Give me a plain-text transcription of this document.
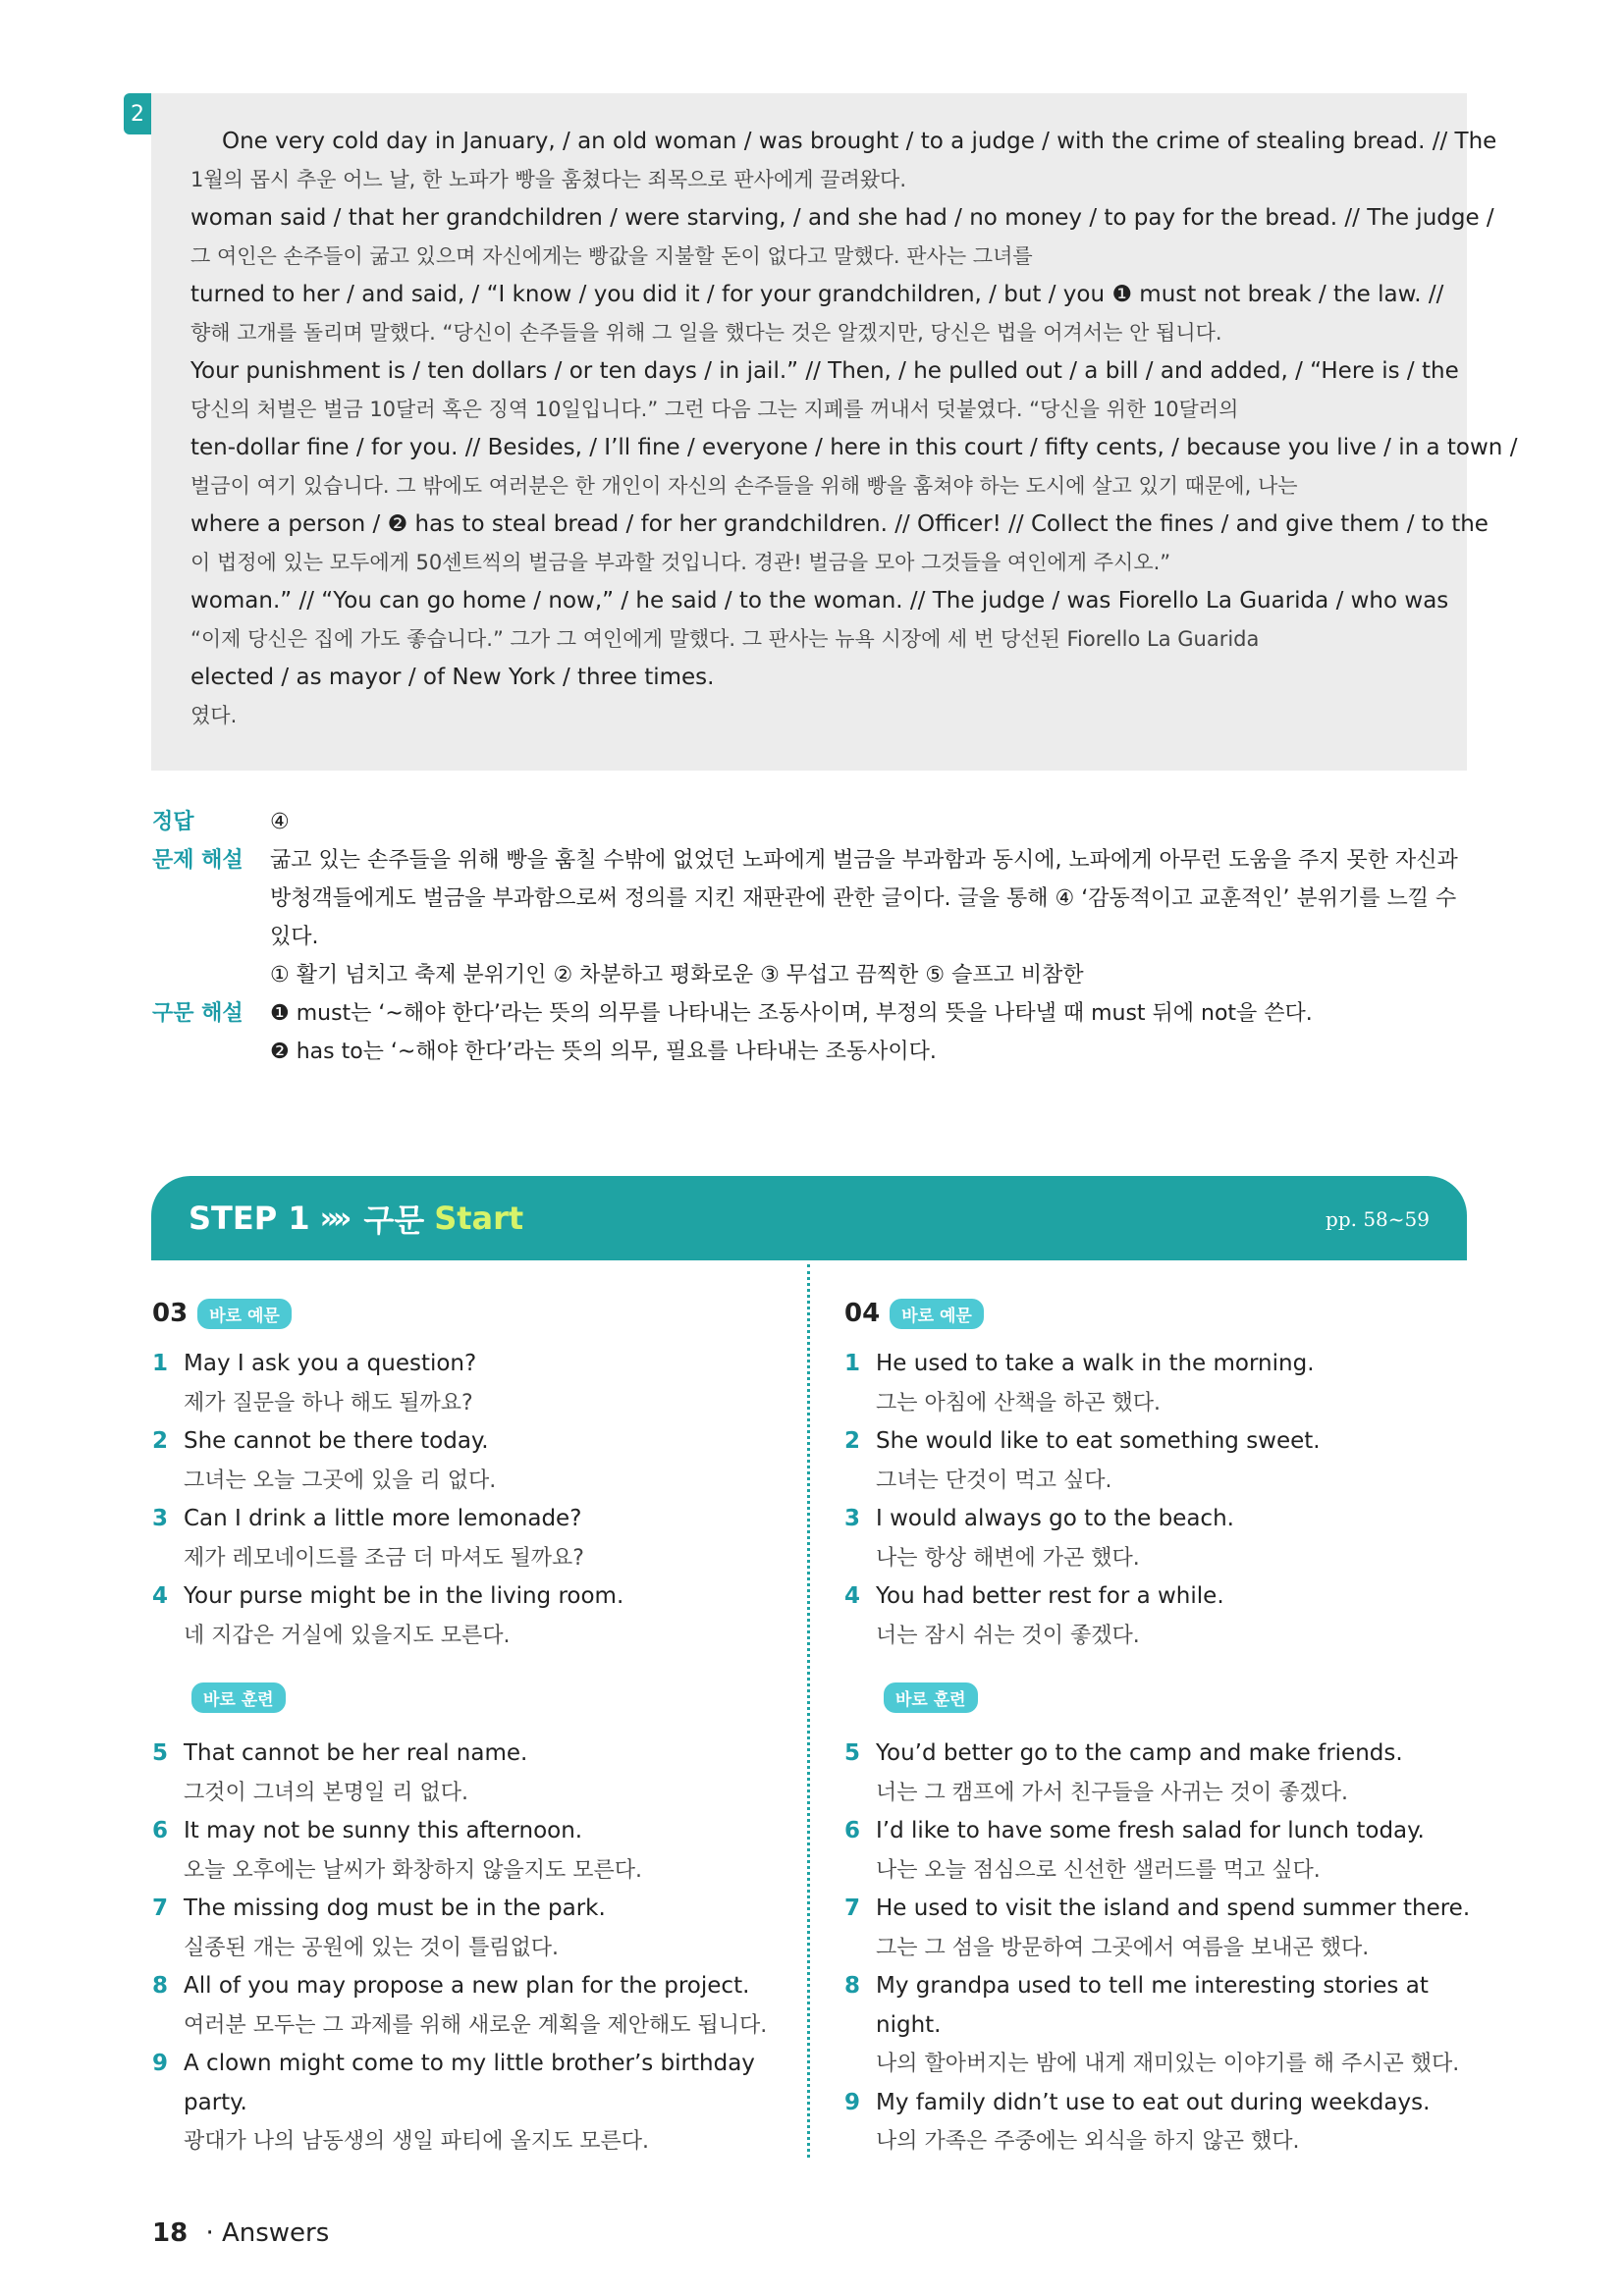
2
One very cold day in January, / an old woman / was brought / to a judge / with the crime of stealing bread. // The
1월의 몹시 추운 어느 날, 한 노파가 빵을 훔쳤다는 죄목으로 판사에게 끌려왔다.
woman said / that her grandchildren / were starving, / and she had / no money / to pay for the bread. // The judge /
그 여인은 손주들이 굶고 있으며 자신에게는 빵값을 지불할 돈이 없다고 말했다. 판사는 그녀를
turned to her / and said, / “I know / you did it / for your grandchildren, / but / you ❶ must not break / the law. //
향해 고개를 돌리며 말했다. “당신이 손주들을 위해 그 일을 했다는 것은 알겠지만, 당신은 법을 어겨서는 안 됩니다.
Your punishment is / ten dollars / or ten days / in jail.” // Then, / he pulled out / a bill / and added, / “Here is / the
당신의 처벌은 벌금 10달러 혹은 징역 10일입니다.” 그런 다음 그는 지폐를 꺼내서 덧붙였다. “당신을 위한 10달러의
ten-dollar fine / for you. // Besides, / I’ll fine / everyone / here in this court / fifty cents, / because you live / in a town /
벌금이 여기 있습니다. 그 밖에도 여러분은 한 개인이 자신의 손주들을 위해 빵을 훔쳐야 하는 도시에 살고 있기 때문에, 나는
where a person / ❷ has to steal bread / for her grandchildren. // Officer! // Collect the fines / and give them / to the
이 법정에 있는 모두에게 50센트씩의 벌금을 부과할 것입니다. 경관! 벌금을 모아 그것들을 여인에게 주시오.”
woman.” // “You can go home / now,” / he said / to the woman. // The judge / was Fiorello La Guarida / who was
“이제 당신은 집에 가도 좋습니다.” 그가 그 여인에게 말했다. 그 판사는 뉴욕 시장에 세 번 당선된 Fiorello La Guarida
elected / as mayor / of New York / three times.
였다.
정답	④
문제 해설	굶고 있는 손주들을 위해 빵을 훔칠 수밖에 없었던 노파에게 벌금을 부과함과 동시에, 노파에게 아무런 도움을 주지 못한 자신과
방청객들에게도 벌금을 부과함으로써 정의를 지킨 재판관에 관한 글이다. 글을 통해 ④ ‘감동적이고 교훈적인’ 분위기를 느낄 수
있다.
① 활기 넘치고 축제 분위기인 ② 차분하고 평화로운 ③ 무섭고 끔찍한 ⑤ 슬프고 비참한
구문 해설	❶ must는 ‘~해야 한다’라는 뜻의 의무를 나타내는 조동사이며, 부정의 뜻을 나타낼 때 must 뒤에 not을 쓴다.
❷ has to는 ‘~해야 한다’라는 뜻의 의무, 필요를 나타내는 조동사이다.
STEP 1 »» 구문 Start	pp. 58~59
03	바로 예문
1 May I ask you a question?
제가 질문을 하나 해도 될까요?
2 She cannot be there today.
그녀는 오늘 그곳에 있을 리 없다.
3 Can I drink a little more lemonade?
제가 레모네이드를 조금 더 마셔도 될까요?
4 Your purse might be in the living room.
네 지갑은 거실에 있을지도 모른다.
바로 훈련
5 That cannot be her real name.
그것이 그녀의 본명일 리 없다.
6 It may not be sunny this afternoon.
오늘 오후에는 날씨가 화창하지 않을지도 모른다.
7 The missing dog must be in the park.
실종된 개는 공원에 있는 것이 틀림없다.
8 All of you may propose a new plan for the project.
여러분 모두는 그 과제를 위해 새로운 계획을 제안해도 됩니다.
9 A clown might come to my little brother’s birthday party.
광대가 나의 남동생의 생일 파티에 올지도 모른다.
04	바로 예문
1 He used to take a walk in the morning.
그는 아침에 산책을 하곤 했다.
2 She would like to eat something sweet.
그녀는 단것이 먹고 싶다.
3 I would always go to the beach.
나는 항상 해변에 가곤 했다.
4 You had better rest for a while.
너는 잠시 쉬는 것이 좋겠다.
바로 훈련
5 You’d better go to the camp and make friends.
너는 그 캠프에 가서 친구들을 사귀는 것이 좋겠다.
6 I’d like to have some fresh salad for lunch today.
나는 오늘 점심으로 신선한 샐러드를 먹고 싶다.
7 He used to visit the island and spend summer there.
그는 그 섬을 방문하여 그곳에서 여름을 보내곤 했다.
8 My grandpa used to tell me interesting stories at night.
나의 할아버지는 밤에 내게 재미있는 이야기를 해 주시곤 했다.
9 My family didn’t use to eat out during weekdays.
나의 가족은 주중에는 외식을 하지 않곤 했다.
18 · Answers
